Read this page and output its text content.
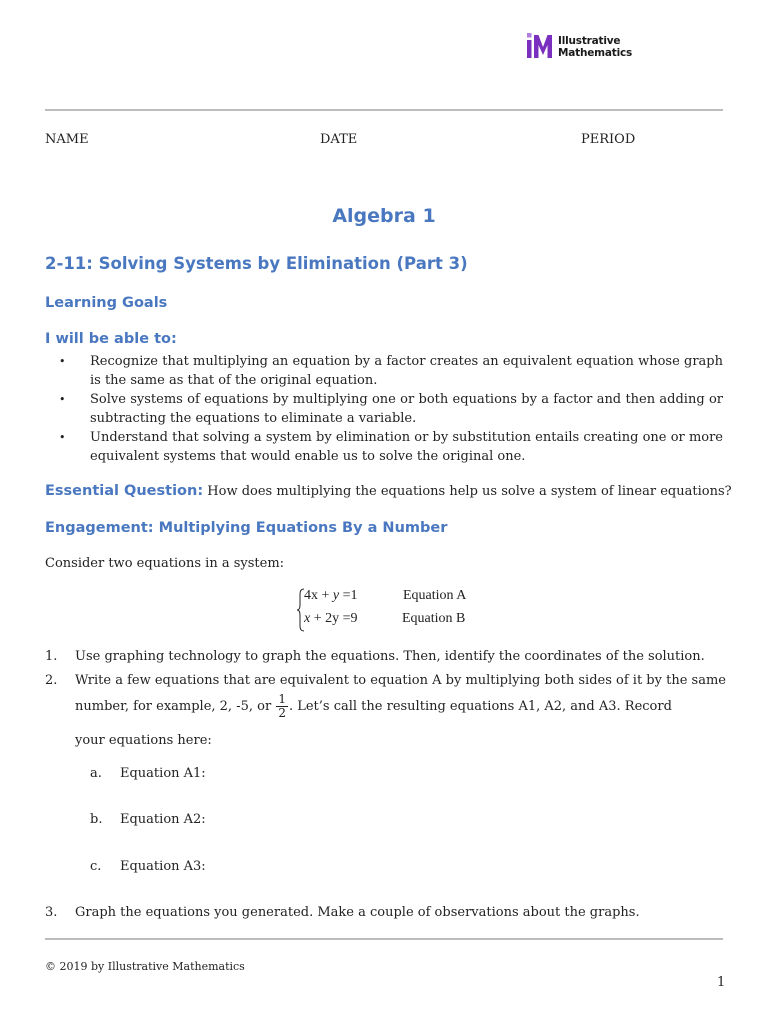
Illustrative
Mathematics
NAME	DATE	PERIOD
Algebra 1
2-11: Solving Systems by Elimination (Part 3)
Learning Goals
I will be able to:
• Recognize that multiplying an equation by a factor creates an equivalent equation whose graph is the same as that of the original equation.
• Solve systems of equations by multiplying one or both equations by a factor and then adding or subtracting the equations to eliminate a variable.
• Understand that solving a system by elimination or by substitution entails creating one or more equivalent systems that would enable us to solve the original one.
Essential Question: How does multiplying the equations help us solve a system of linear equations?
Engagement: Multiplying Equations By a Number
Consider two equations in a system:
4x + y =1	Equation A
x + 2y =9	Equation B
1. Use graphing technology to graph the equations. Then, identify the coordinates of the solution.
2. Write a few equations that are equivalent to equation A by multiplying both sides of it by the same
number, for example, 2, -5, or $\frac{1}{2}$ . Let’s call the resulting equations A1, A2, and A3. Record
your equations here:
a. Equation A1:
b. Equation A2:
c. Equation A3:
3. Graph the equations you generated. Make a couple of observations about the graphs.
© 2019 by Illustrative Mathematics
1
